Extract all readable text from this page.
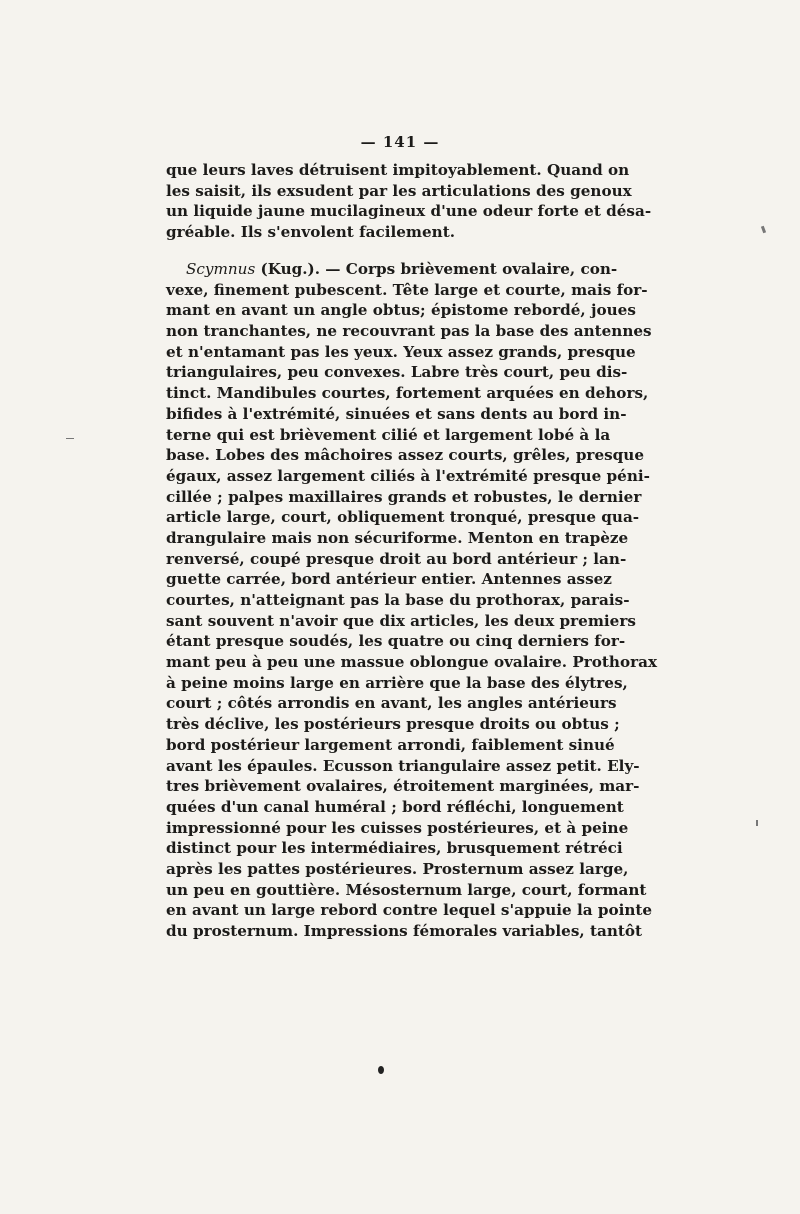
— 141 —
que leurs laves détruisent impitoyablement. Quand on
les saisit, ils exsudent par les articulations des genoux
un liquide jaune mucilagineux d'une odeur forte et désa-
gréable. Ils s'envolent facilement.
Scymnus (Kug.). — Corps brièvement ovalaire, con-
vexe, finement pubescent. Tête large et courte, mais for-
mant en avant un angle obtus; épistome rebordé, joues
non tranchantes, ne recouvrant pas la base des antennes
et n'entamant pas les yeux. Yeux assez grands, presque
triangulaires, peu convexes. Labre très court, peu dis-
tinct. Mandibules courtes, fortement arquées en dehors,
bifides à l'extrémité, sinuées et sans dents au bord in-
terne qui est brièvement cilié et largement lobé à la
base. Lobes des mâchoires assez courts, grêles, presque
égaux, assez largement ciliés à l'extrémité presque péni-
cillée ; palpes maxillaires grands et robustes, le dernier
article large, court, obliquement tronqué, presque qua-
drangulaire mais non sécuriforme. Menton en trapèze
renversé, coupé presque droit au bord antérieur ; lan-
guette carrée, bord antérieur entier. Antennes assez
courtes, n'atteignant pas la base du prothorax, parais-
sant souvent n'avoir que dix articles, les deux premiers
étant presque soudés, les quatre ou cinq derniers for-
mant peu à peu une massue oblongue ovalaire. Prothorax
à peine moins large en arrière que la base des élytres,
court ; côtés arrondis en avant, les angles antérieurs
très déclive, les postérieurs presque droits ou obtus ;
bord postérieur largement arrondi, faiblement sinué
avant les épaules. Ecusson triangulaire assez petit. Ely-
tres brièvement ovalaires, étroitement marginées, mar-
quées d'un canal huméral ; bord réfléchi, longuement
impressionné pour les cuisses postérieures, et à peine
distinct pour les intermédiaires, brusquement rétréci
après les pattes postérieures. Prosternum assez large,
un peu en gouttière. Mésosternum large, court, formant
en avant un large rebord contre lequel s'appuie la pointe
du prosternum. Impressions fémorales variables, tantôt
